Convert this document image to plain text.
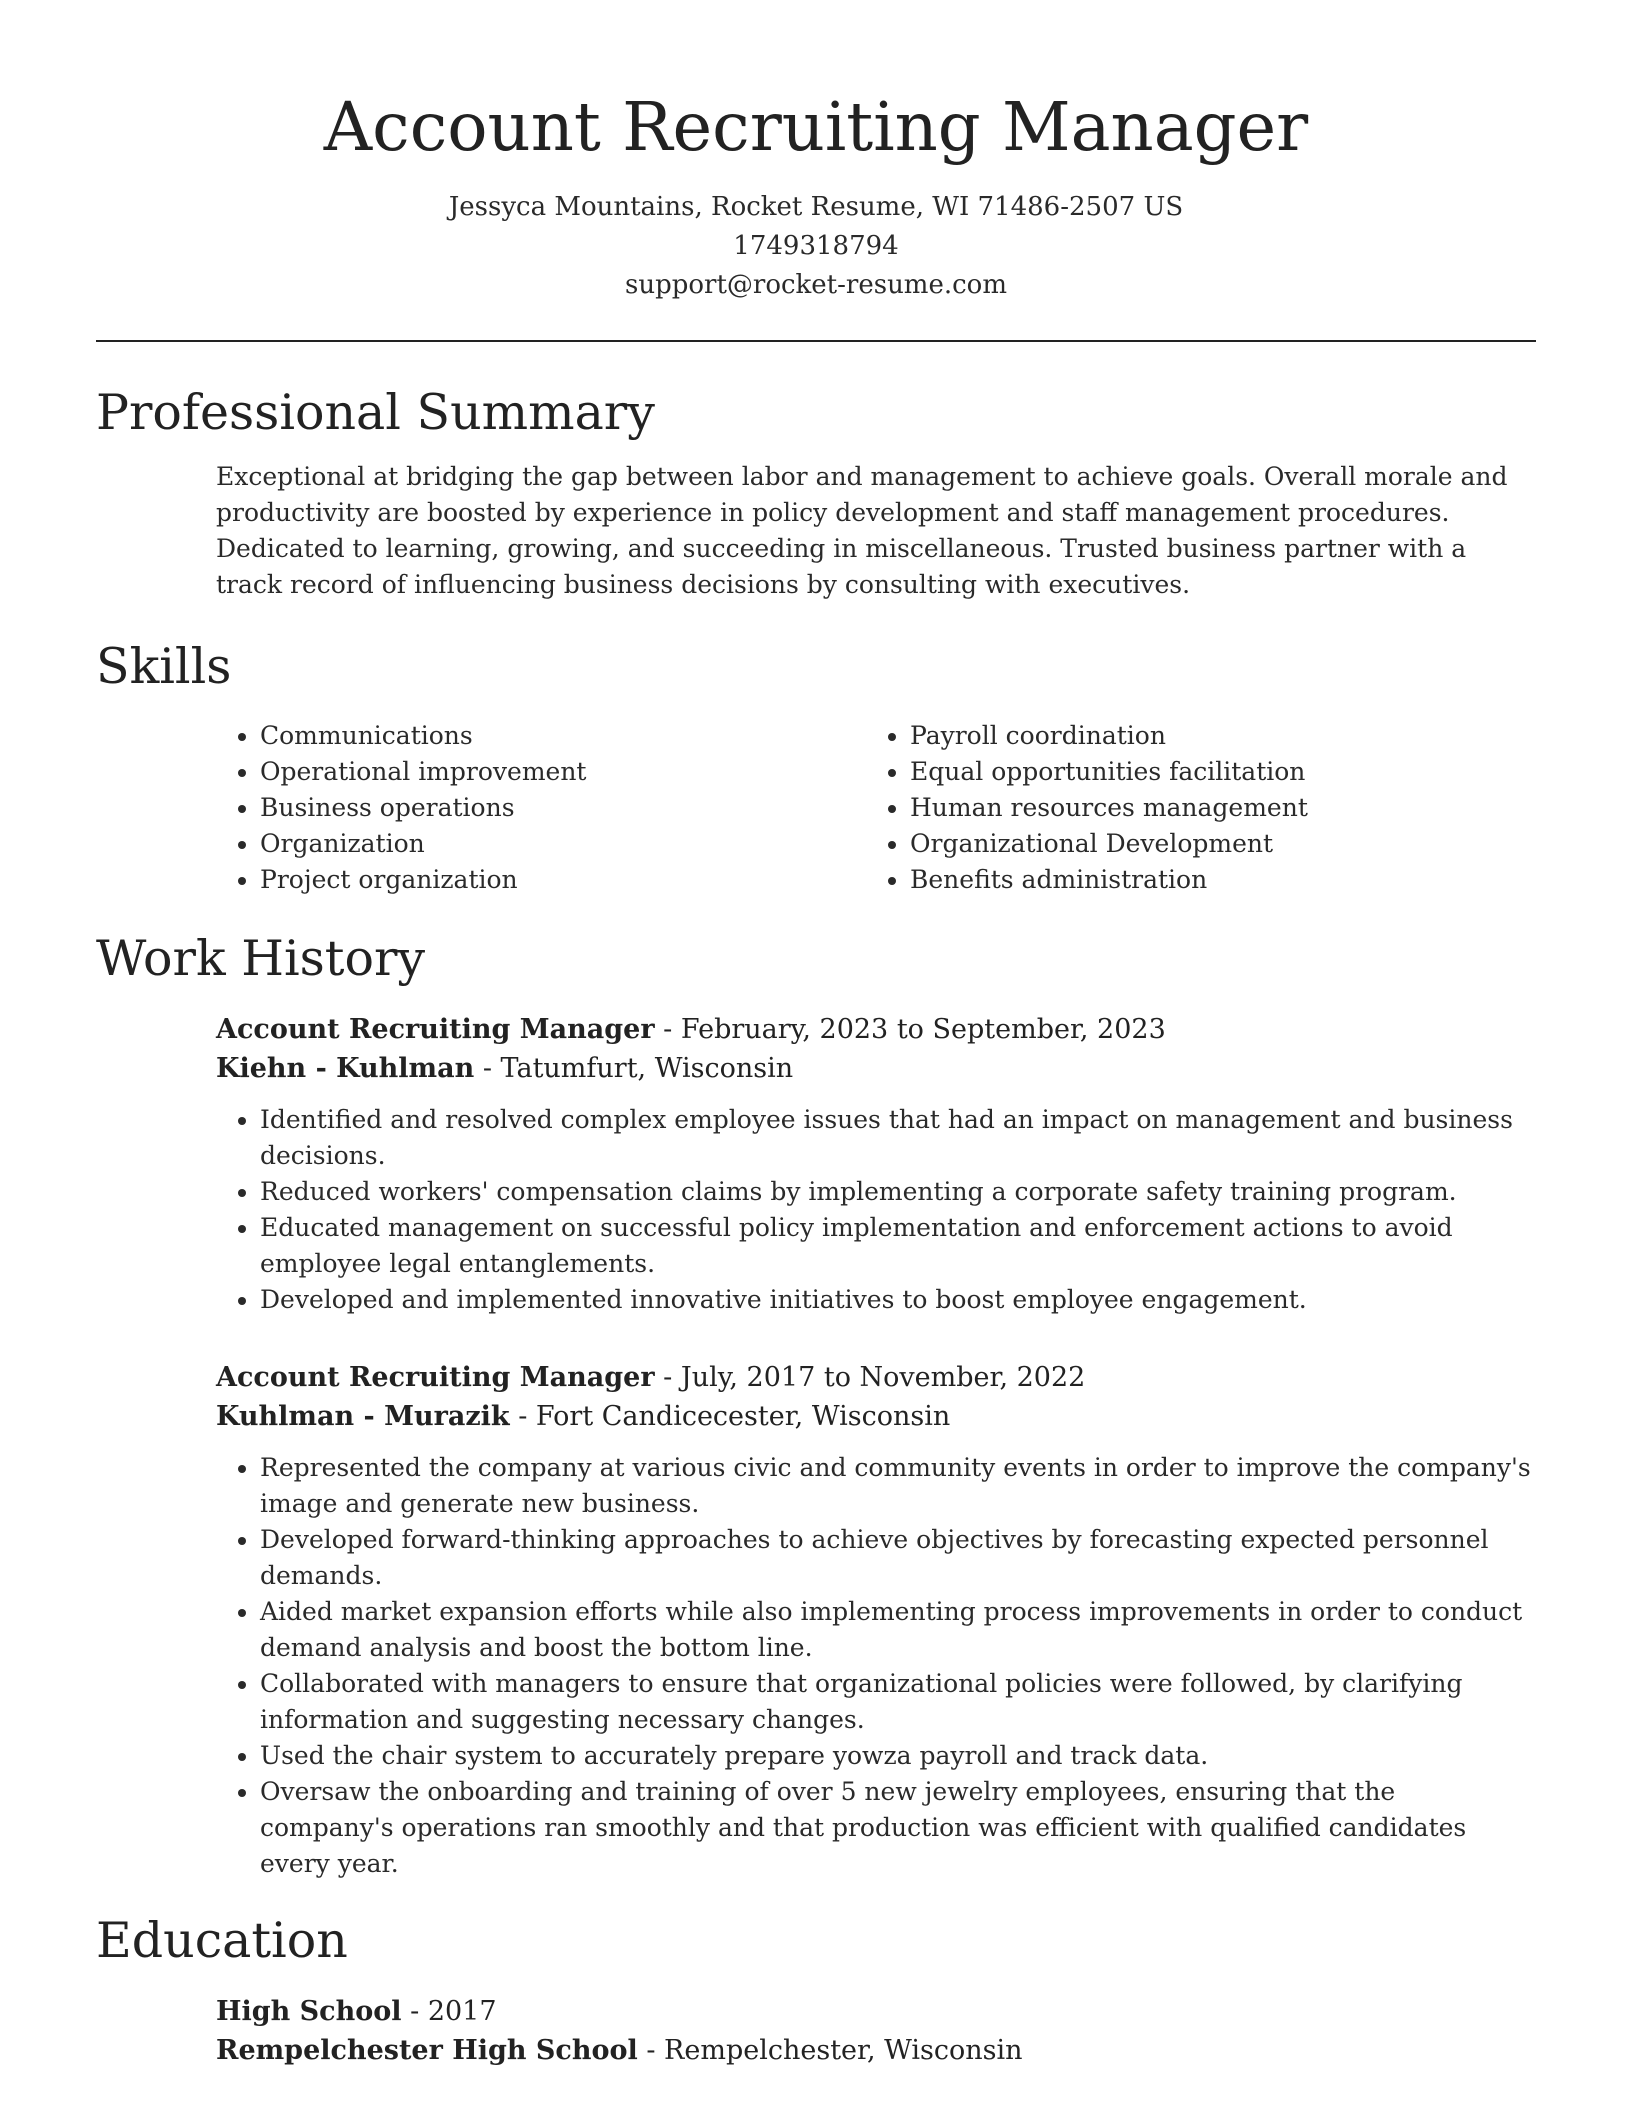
Account Recruiting Manager
Jessyca Mountains, Rocket Resume, WI 71486-2507 US
1749318794
support@rocket-resume.com
Professional Summary
Exceptional at bridging the gap between labor and management to achieve goals. Overall morale and productivity are boosted by experience in policy development and staff management procedures. Dedicated to learning, growing, and succeeding in miscellaneous. Trusted business partner with a track record of influencing business decisions by consulting with executives.
Skills
• Communications
• Operational improvement
• Business operations
• Organization
• Project organization
• Payroll coordination
• Equal opportunities facilitation
• Human resources management
• Organizational Development
• Benefits administration
Work History
Account Recruiting Manager - February, 2023 to September, 2023
Kiehn - Kuhlman - Tatumfurt, Wisconsin
• Identified and resolved complex employee issues that had an impact on management and business decisions.
• Reduced workers' compensation claims by implementing a corporate safety training program.
• Educated management on successful policy implementation and enforcement actions to avoid employee legal entanglements.
• Developed and implemented innovative initiatives to boost employee engagement.
Account Recruiting Manager - July, 2017 to November, 2022
Kuhlman - Murazik - Fort Candicecester, Wisconsin
• Represented the company at various civic and community events in order to improve the company's image and generate new business.
• Developed forward-thinking approaches to achieve objectives by forecasting expected personnel demands.
• Aided market expansion efforts while also implementing process improvements in order to conduct demand analysis and boost the bottom line.
• Collaborated with managers to ensure that organizational policies were followed, by clarifying information and suggesting necessary changes.
• Used the chair system to accurately prepare yowza payroll and track data.
• Oversaw the onboarding and training of over 5 new jewelry employees, ensuring that the company's operations ran smoothly and that production was efficient with qualified candidates every year.
Education
High School - 2017
Rempelchester High School - Rempelchester, Wisconsin
